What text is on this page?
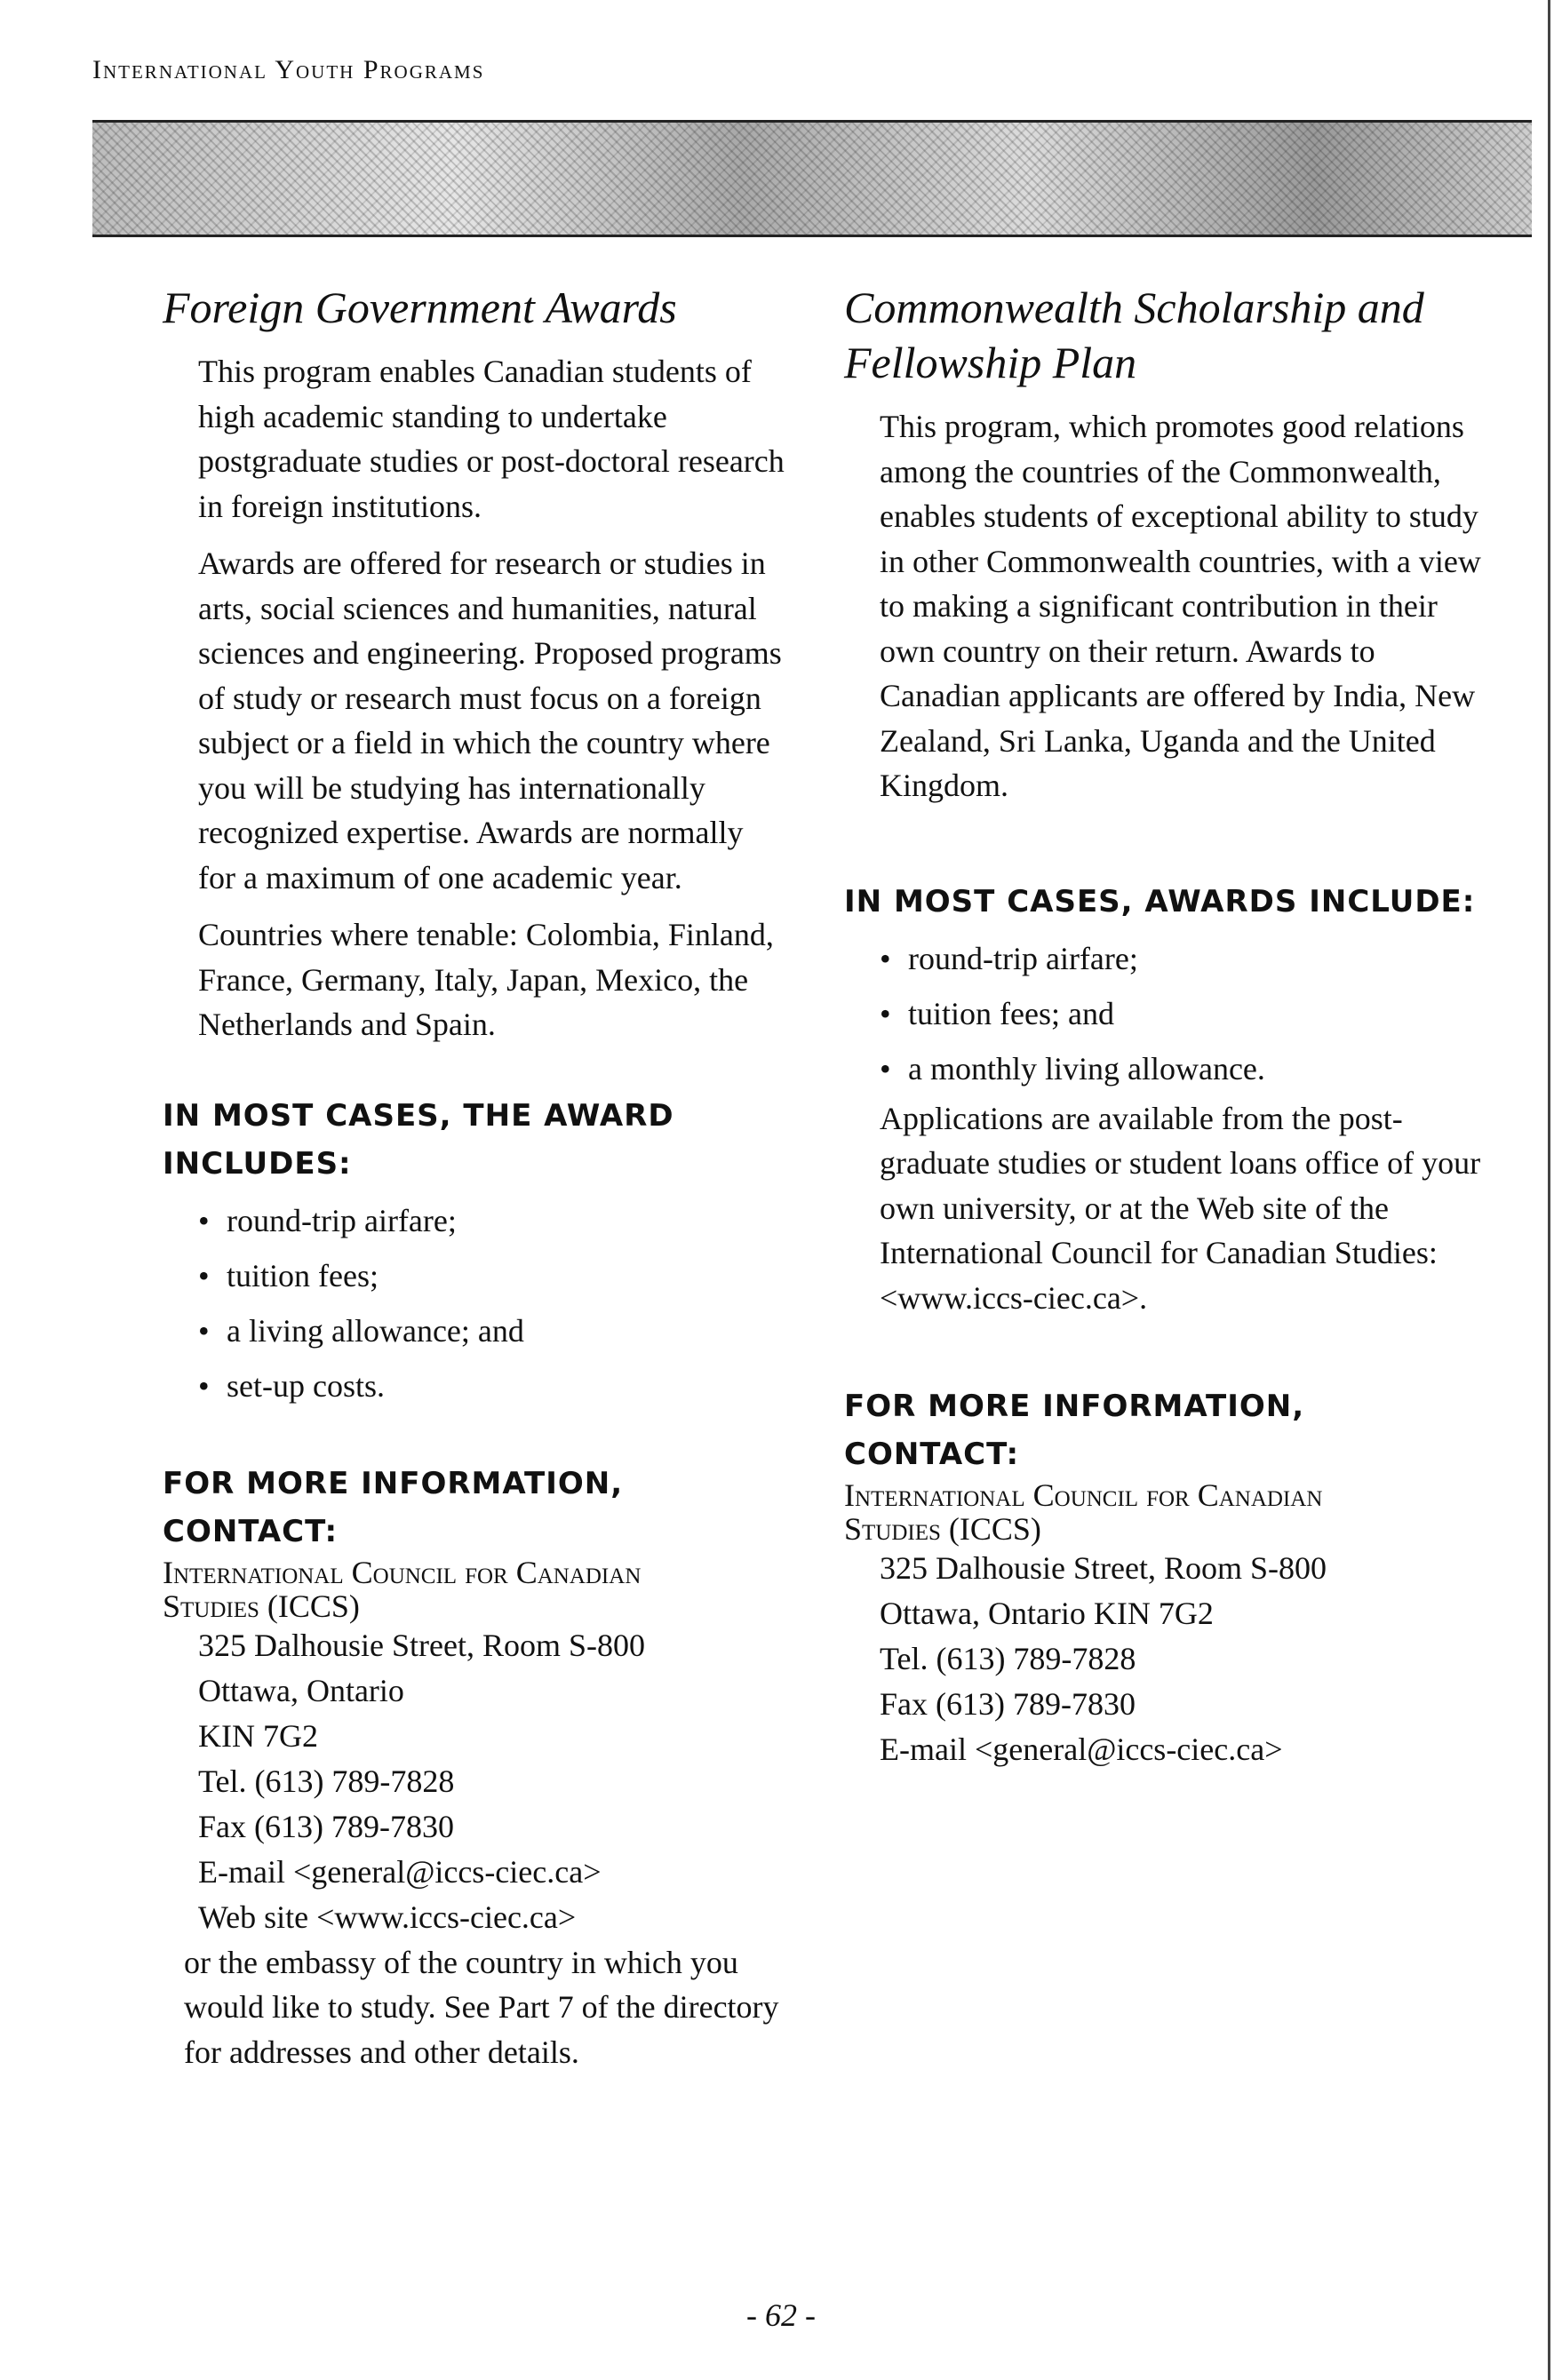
International Youth Programs
Foreign Government Awards

This program enables Canadian students of high academic standing to undertake postgraduate studies or post-doctoral research in foreign institutions.

Awards are offered for research or studies in arts, social sciences and humanities, natural sciences and engineering. Proposed programs of study or research must focus on a foreign subject or a field in which the country where you will be studying has internationally recognized expertise. Awards are normally for a maximum of one academic year.

Countries where tenable: Colombia, Finland, France, Germany, Italy, Japan, Mexico, the Netherlands and Spain.

IN MOST CASES, THE AWARD
INCLUDES:

• round-trip airfare;
• tuition fees;
• a living allowance; and
• set-up costs.

FOR MORE INFORMATION, CONTACT:

International Council for Canadian
Studies (ICCS)

325 Dalhousie Street, Room S-800
Ottawa, Ontario
KIN 7G2
Tel. (613) 789-7828
Fax (613) 789-7830
E-mail <general@iccs-ciec.ca>
Web site <www.iccs-ciec.ca>
or the embassy of the country in which you would like to study. See Part 7 of the directory for addresses and other details.
Commonwealth Scholarship and
Fellowship Plan

This program, which promotes good relations among the countries of the Commonwealth, enables students of exceptional ability to study in other Commonwealth countries, with a view to making a significant contribution in their own country on their return. Awards to Canadian applicants are offered by India, New Zealand, Sri Lanka, Uganda and the United Kingdom.

IN MOST CASES, AWARDS INCLUDE:

• round-trip airfare;
• tuition fees; and
• a monthly living allowance.

Applications are available from the post-graduate studies or student loans office of your own university, or at the Web site of the International Council for Canadian Studies: <www.iccs-ciec.ca>.

FOR MORE INFORMATION, CONTACT:

International Council for Canadian
Studies (ICCS)

325 Dalhousie Street, Room S-800
Ottawa, Ontario KIN 7G2
Tel. (613) 789-7828
Fax (613) 789-7830
E-mail <general@iccs-ciec.ca>
- 62 -
